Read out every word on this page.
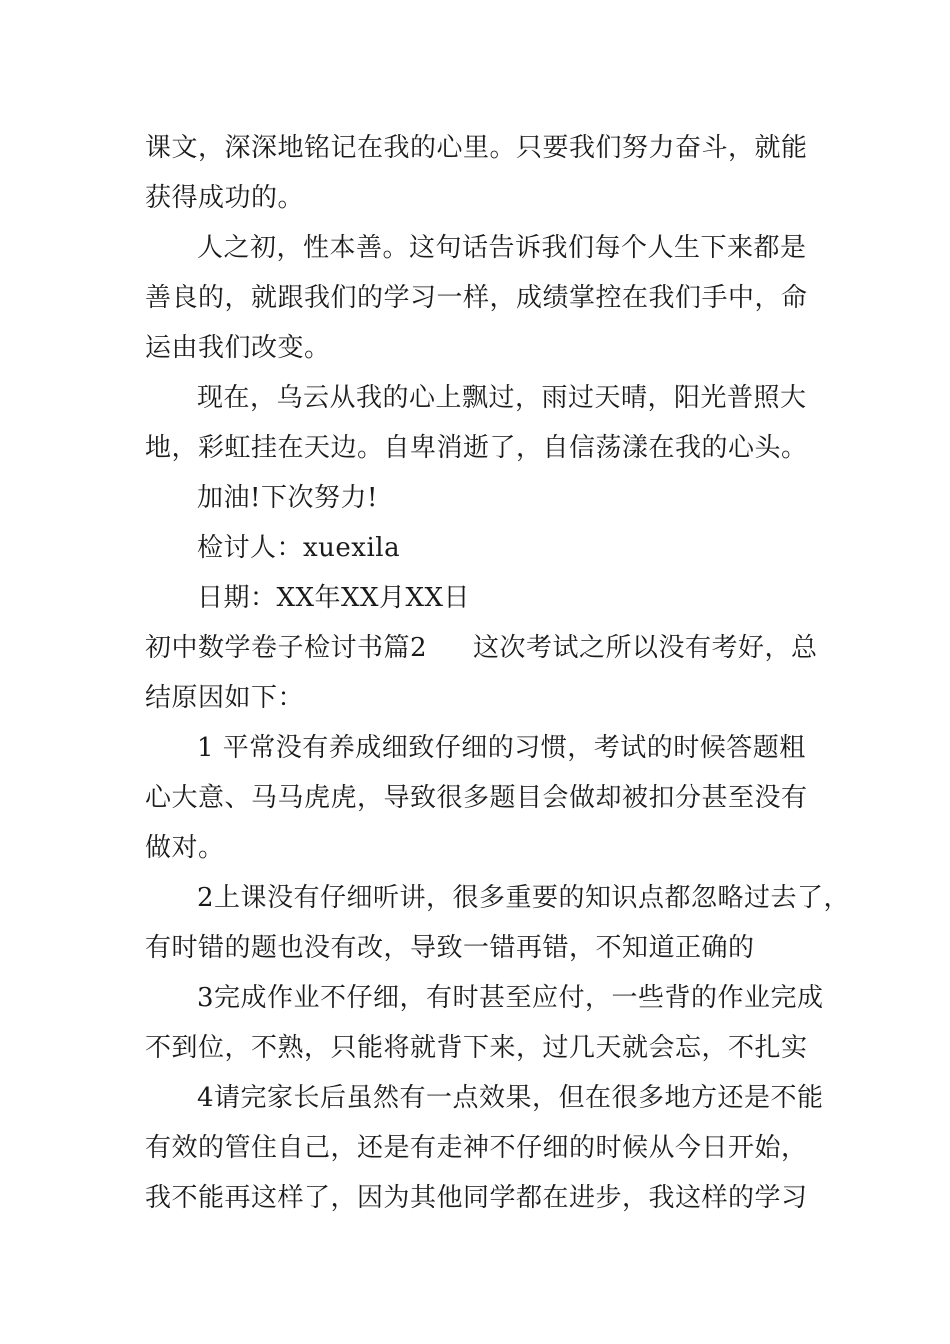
课文，深深地铭记在我的心里。只要我们努力奋斗，就能
获得成功的。
人之初，性本善。这句话告诉我们每个人生下来都是
善良的，就跟我们的学习一样，成绩掌控在我们手中，命
运由我们改变。
现在，乌云从我的心上飘过，雨过天晴，阳光普照大
地，彩虹挂在天边。自卑消逝了，自信荡漾在我的心头。
加油!下次努力!
检讨人：xuexila
日期：XX年XX月XX日
初中数学卷子检讨书篇2 这次考试之所以没有考好，总
结原因如下：
1 平常没有养成细致仔细的习惯，考试的时候答题粗
心大意、马马虎虎，导致很多题目会做却被扣分甚至没有
做对。
2上课没有仔细听讲，很多重要的知识点都忽略过去了，
有时错的题也没有改，导致一错再错，不知道正确的
3完成作业不仔细，有时甚至应付，一些背的作业完成
不到位，不熟，只能将就背下来，过几天就会忘，不扎实
4请完家长后虽然有一点效果，但在很多地方还是不能
有效的管住自己，还是有走神不仔细的时候从今日开始，
我不能再这样了，因为其他同学都在进步，我这样的学习
